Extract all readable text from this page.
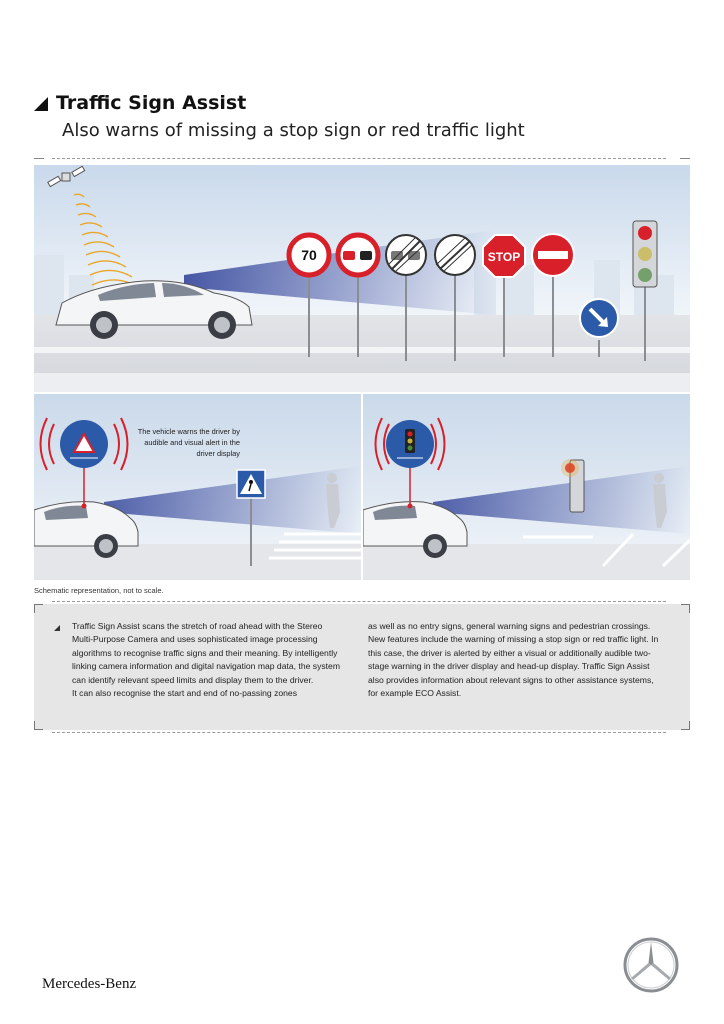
Traffic Sign Assist
Also warns of missing a stop sign or red traffic light
70	STOP
The vehicle warns the driver by audible and visual alert in the driver display
Schematic representation, not to scale.

Traffic Sign Assist scans the stretch of road ahead with the Stereo Multi-Purpose Camera and uses sophisticated image processing algorithms to recognise traffic signs and their meaning. By intelligently linking camera information and digital navigation map data, the system can identify relevant speed limits and display them to the driver.

It can also recognise the start and end of no-passing zones

as well as no entry signs, general warning signs and pedestrian crossings. New features include the warning of missing a stop sign or red traffic light. In this case, the driver is alerted by either a visual or additionally audible two-stage warning in the driver display and head-up display. Traffic Sign Assist also provides information about relevant signs to other assistance systems, for example ECO Assist.

Mercedes-Benz
